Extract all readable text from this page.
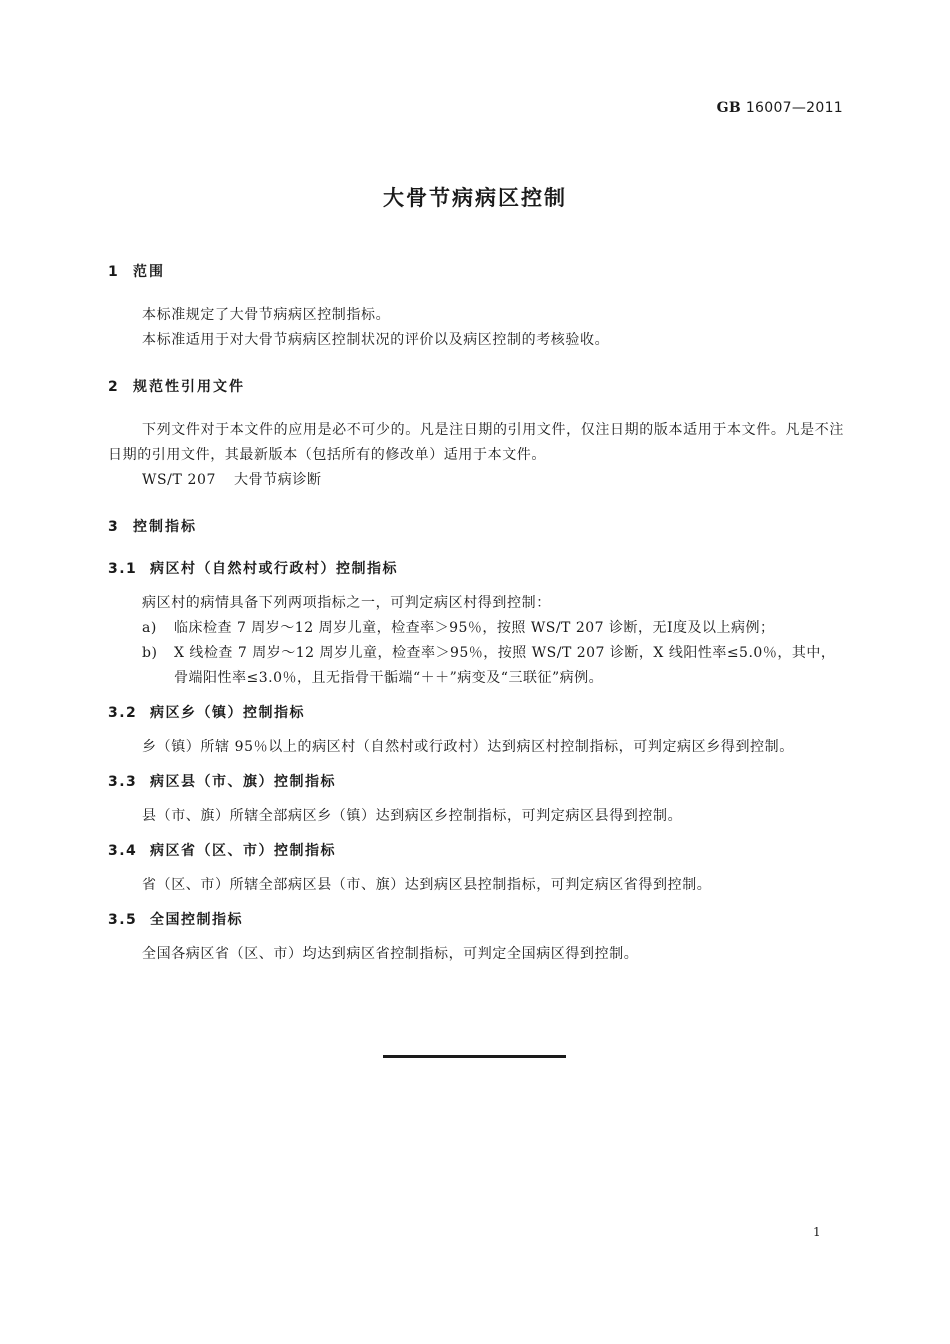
GB 16007—2011
大骨节病病区控制
1 范围
本标准规定了大骨节病病区控制指标。
本标准适用于对大骨节病病区控制状况的评价以及病区控制的考核验收。
2 规范性引用文件
下列文件对于本文件的应用是必不可少的。凡是注日期的引用文件，仅注日期的版本适用于本文件。凡是不注日期的引用文件，其最新版本（包括所有的修改单）适用于本文件。
WS/T 207 大骨节病诊断
3 控制指标
3.1 病区村（自然村或行政村）控制指标
病区村的病情具备下列两项指标之一，可判定病区村得到控制：
a) 临床检查 7 周岁～12 周岁儿童，检查率＞95％，按照 WS/T 207 诊断，无Ⅰ度及以上病例；
b) X 线检查 7 周岁～12 周岁儿童，检查率＞95％，按照 WS/T 207 诊断，X 线阳性率≤5.0％，其中，骨端阳性率≤3.0％，且无指骨干骺端“＋＋”病变及“三联征”病例。
3.2 病区乡（镇）控制指标
乡（镇）所辖 95％以上的病区村（自然村或行政村）达到病区村控制指标，可判定病区乡得到控制。
3.3 病区县（市、旗）控制指标
县（市、旗）所辖全部病区乡（镇）达到病区乡控制指标，可判定病区县得到控制。
3.4 病区省（区、市）控制指标
省（区、市）所辖全部病区县（市、旗）达到病区县控制指标，可判定病区省得到控制。
3.5 全国控制指标
全国各病区省（区、市）均达到病区省控制指标，可判定全国病区得到控制。
1
